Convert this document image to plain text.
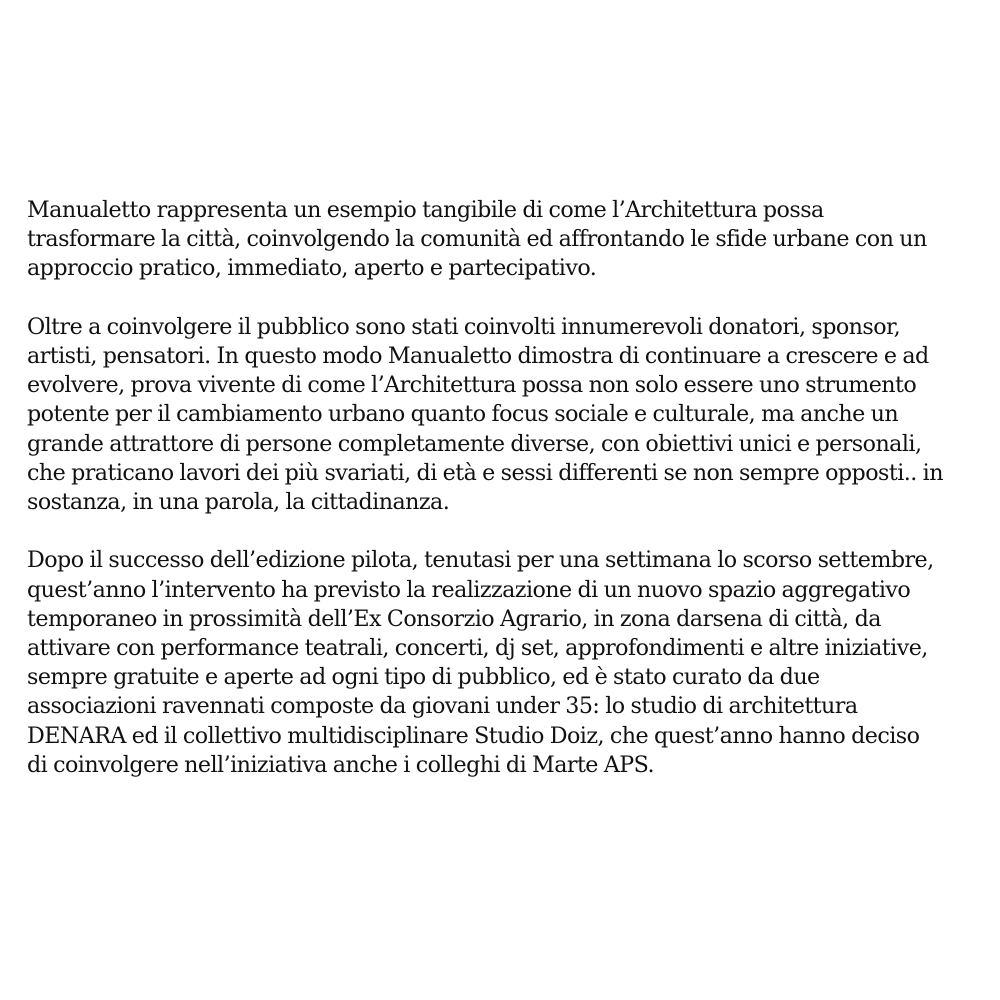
Manualetto rappresenta un esempio tangibile di come l’Architettura possa
trasformare la città, coinvolgendo la comunità ed affrontando le sfide urbane con un
approccio pratico, immediato, aperto e partecipativo.

Oltre a coinvolgere il pubblico sono stati coinvolti innumerevoli donatori, sponsor,
artisti, pensatori. In questo modo Manualetto dimostra di continuare a crescere e ad
evolvere, prova vivente di come l’Architettura possa non solo essere uno strumento
potente per il cambiamento urbano quanto focus sociale e culturale, ma anche un
grande attrattore di persone completamente diverse, con obiettivi unici e personali,
che praticano lavori dei più svariati, di età e sessi differenti se non sempre opposti.. in
sostanza, in una parola, la cittadinanza.

Dopo il successo dell’edizione pilota, tenutasi per una settimana lo scorso settembre,
quest’anno l’intervento ha previsto la realizzazione di un nuovo spazio aggregativo
temporaneo in prossimità dell’Ex Consorzio Agrario, in zona darsena di città, da
attivare con performance teatrali, concerti, dj set, approfondimenti e altre iniziative,
sempre gratuite e aperte ad ogni tipo di pubblico, ed è stato curato da due
associazioni ravennati composte da giovani under 35: lo studio di architettura
DENARA ed il collettivo multidisciplinare Studio Doiz, che quest’anno hanno deciso
di coinvolgere nell’iniziativa anche i colleghi di Marte APS.
